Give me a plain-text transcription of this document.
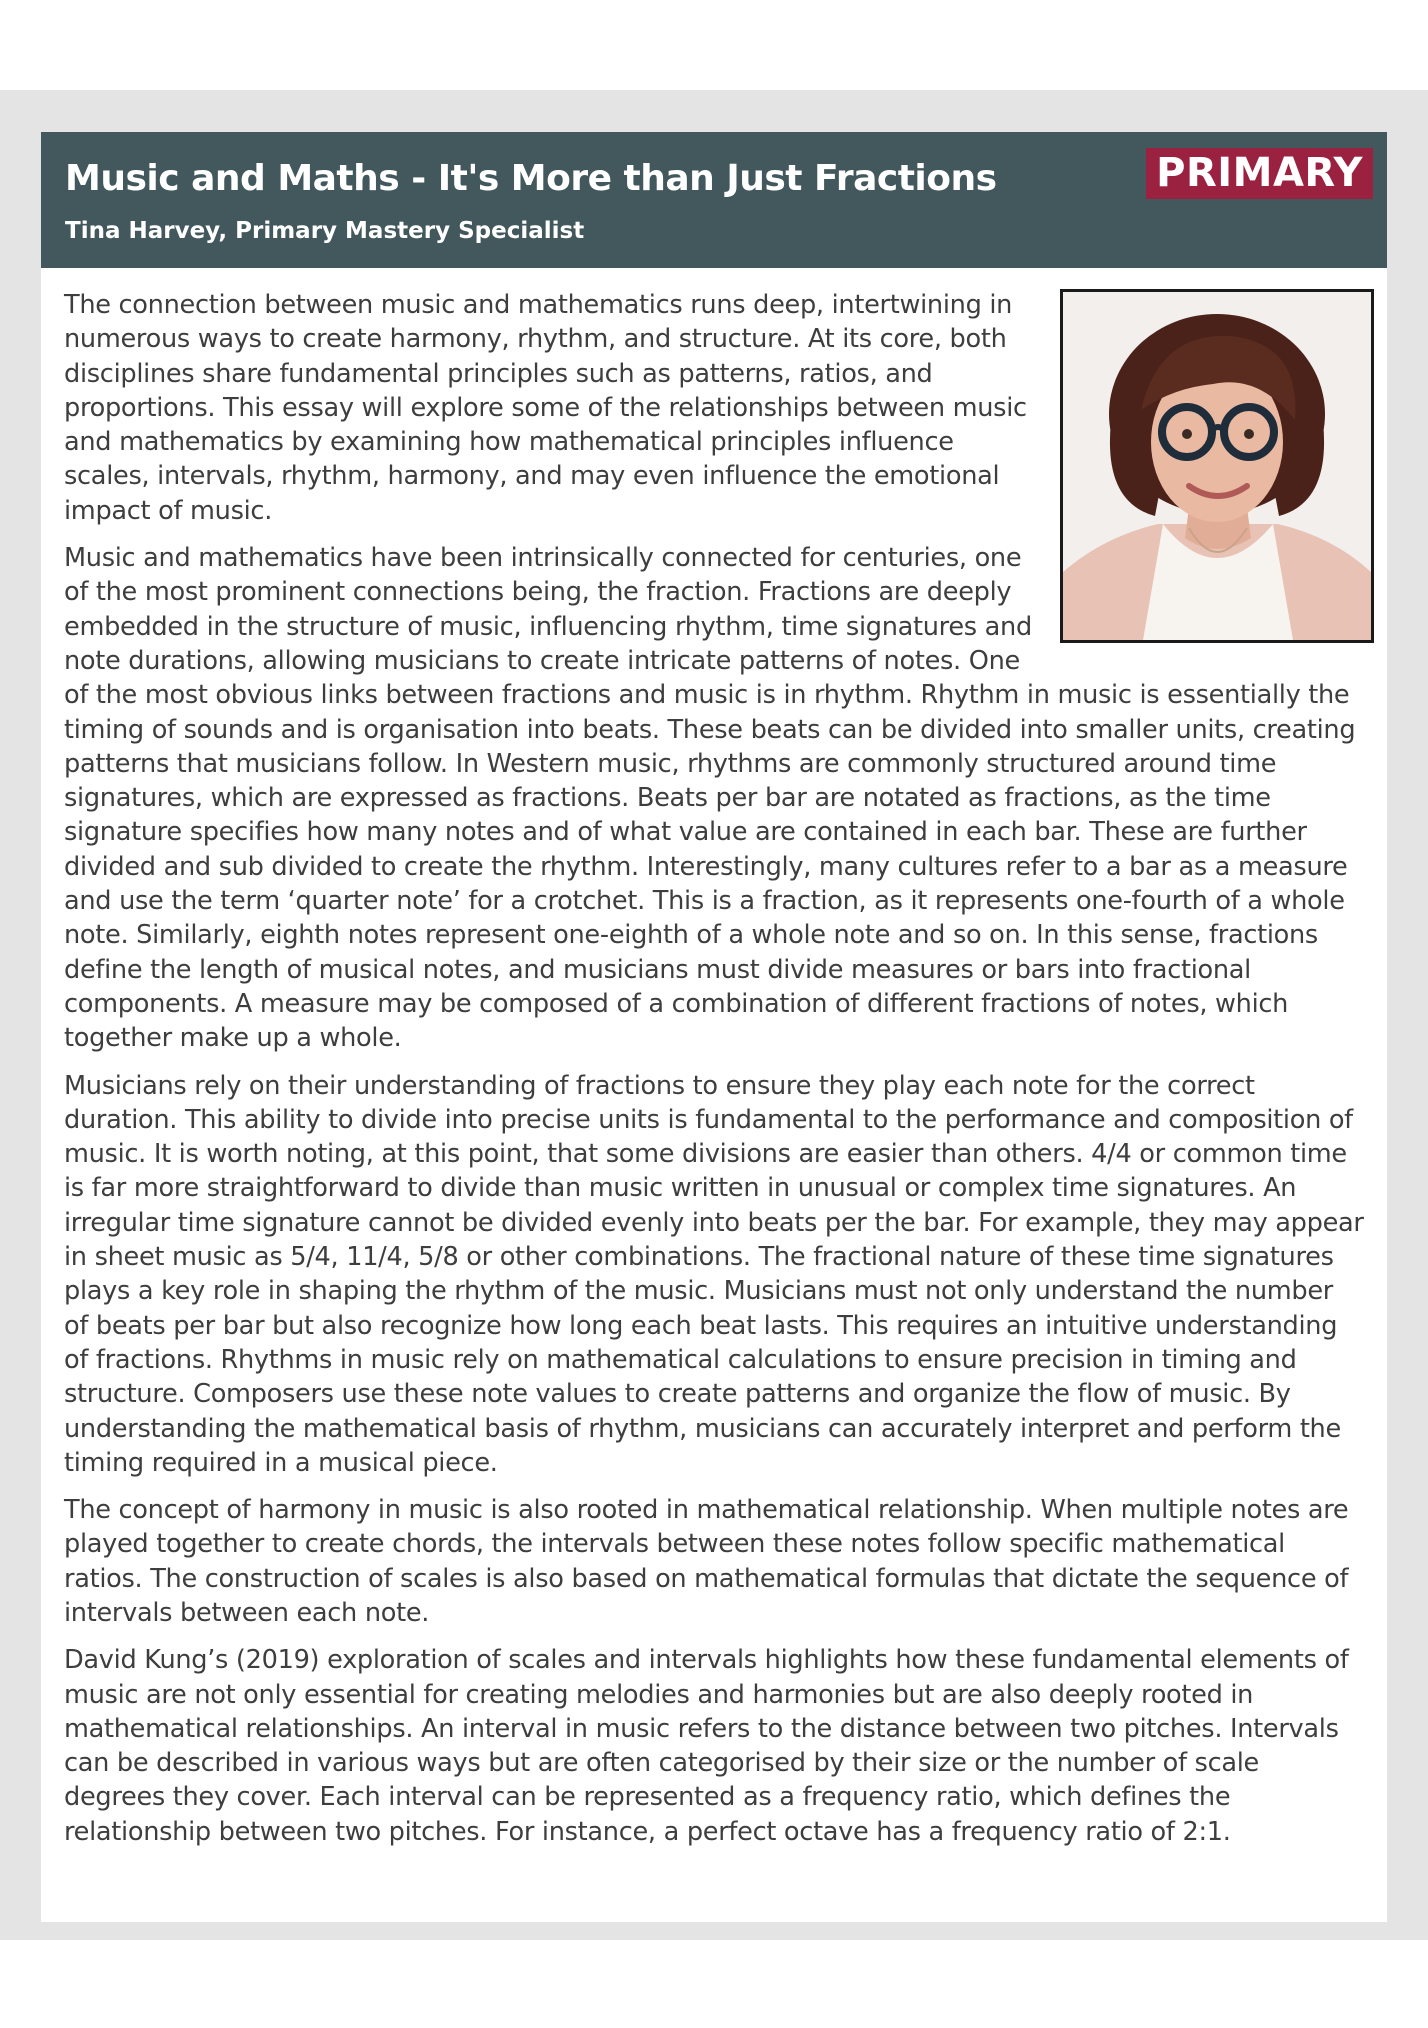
Music and Maths - It's More than Just Fractions
Tina Harvey, Primary Mastery Specialist
PRIMARY

The connection between music and mathematics runs deep, intertwining in numerous ways to create harmony, rhythm, and structure. At its core, both disciplines share fundamental principles such as patterns, ratios, and proportions. This essay will explore some of the relationships between music and mathematics by examining how mathematical principles influence scales, intervals, rhythm, harmony, and may even influence the emotional impact of music.

Music and mathematics have been intrinsically connected for centuries, one of the most prominent connections being, the fraction. Fractions are deeply embedded in the structure of music, influencing rhythm, time signatures and note durations, allowing musicians to create intricate patterns of notes. One of the most obvious links between fractions and music is in rhythm. Rhythm in music is essentially the timing of sounds and is organisation into beats. These beats can be divided into smaller units, creating patterns that musicians follow. In Western music, rhythms are commonly structured around time signatures, which are expressed as fractions. Beats per bar are notated as fractions, as the time signature specifies how many notes and of what value are contained in each bar. These are further divided and sub divided to create the rhythm. Interestingly, many cultures refer to a bar as a measure and use the term ‘quarter note’ for a crotchet. This is a fraction, as it represents one-fourth of a whole note. Similarly, eighth notes represent one-eighth of a whole note and so on. In this sense, fractions define the length of musical notes, and musicians must divide measures or bars into fractional components. A measure may be composed of a combination of different fractions of notes, which together make up a whole.

Musicians rely on their understanding of fractions to ensure they play each note for the correct duration. This ability to divide into precise units is fundamental to the performance and composition of music. It is worth noting, at this point, that some divisions are easier than others. 4/4 or common time is far more straightforward to divide than music written in unusual or complex time signatures. An irregular time signature cannot be divided evenly into beats per the bar. For example, they may appear in sheet music as 5/4, 11/4, 5/8 or other combinations. The fractional nature of these time signatures plays a key role in shaping the rhythm of the music. Musicians must not only understand the number of beats per bar but also recognize how long each beat lasts. This requires an intuitive understanding of fractions. Rhythms in music rely on mathematical calculations to ensure precision in timing and structure. Composers use these note values to create patterns and organize the flow of music. By understanding the mathematical basis of rhythm, musicians can accurately interpret and perform the timing required in a musical piece.

The concept of harmony in music is also rooted in mathematical relationship. When multiple notes are played together to create chords, the intervals between these notes follow specific mathematical ratios. The construction of scales is also based on mathematical formulas that dictate the sequence of intervals between each note.

David Kung’s (2019) exploration of scales and intervals highlights how these fundamental elements of music are not only essential for creating melodies and harmonies but are also deeply rooted in mathematical relationships. An interval in music refers to the distance between two pitches. Intervals can be described in various ways but are often categorised by their size or the number of scale degrees they cover. Each interval can be represented as a frequency ratio, which defines the relationship between two pitches. For instance, a perfect octave has a frequency ratio of 2:1.
